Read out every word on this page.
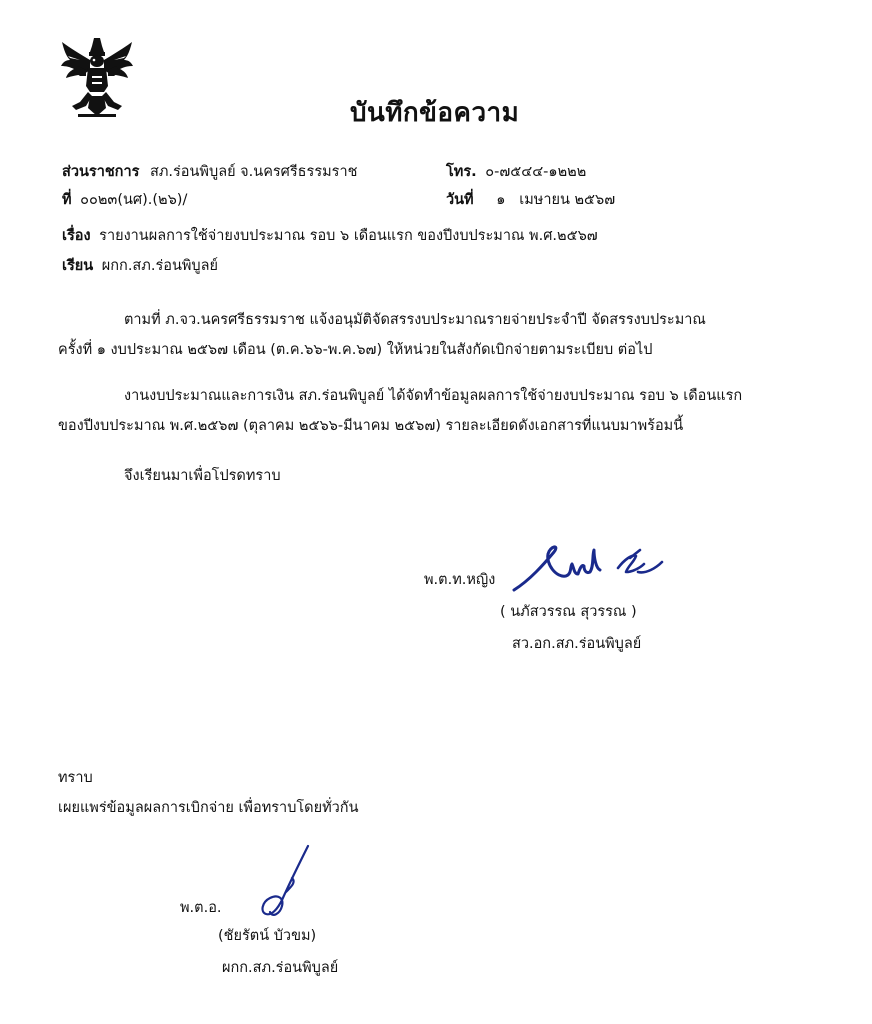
บันทึกข้อความ
ส่วนราชการ สภ.ร่อนพิบูลย์ จ.นครศรีธรรมราช	โทร. ๐-๗๕๔๔-๑๒๒๒
ที่ ๐๐๒๓(นศ).(๒๖)/	วันที่ ๑   เมษายน ๒๕๖๗
เรื่อง รายงานผลการใช้จ่ายงบประมาณ รอบ ๖ เดือนแรก ของปีงบประมาณ พ.ศ.๒๕๖๗
เรียน ผกก.สภ.ร่อนพิบูลย์
ตามที่ ภ.จว.นครศรีธรรมราช แจ้งอนุมัติจัดสรรงบประมาณรายจ่ายประจำปี จัดสรรงบประมาณ
ครั้งที่ ๑ งบประมาณ ๒๕๖๗ เดือน (ต.ค.๖๖-พ.ค.๖๗) ให้หน่วยในสังกัดเบิกจ่ายตามระเบียบ ต่อไป
งานงบประมาณและการเงิน สภ.ร่อนพิบูลย์ ได้จัดทำข้อมูลผลการใช้จ่ายงบประมาณ รอบ ๖ เดือนแรก
ของปีงบประมาณ พ.ศ.๒๕๖๗ (ตุลาคม ๒๕๖๖-มีนาคม ๒๕๖๗) รายละเอียดดังเอกสารที่แนบมาพร้อมนี้
จึงเรียนมาเพื่อโปรดทราบ
พ.ต.ท.หญิง
( นภัสวรรณ สุวรรณ )
สว.อก.สภ.ร่อนพิบูลย์
ทราบ
เผยแพร่ข้อมูลผลการเบิกจ่าย เพื่อทราบโดยทั่วกัน
พ.ต.อ.
(ชัยรัตน์ บัวขม)
ผกก.สภ.ร่อนพิบูลย์
